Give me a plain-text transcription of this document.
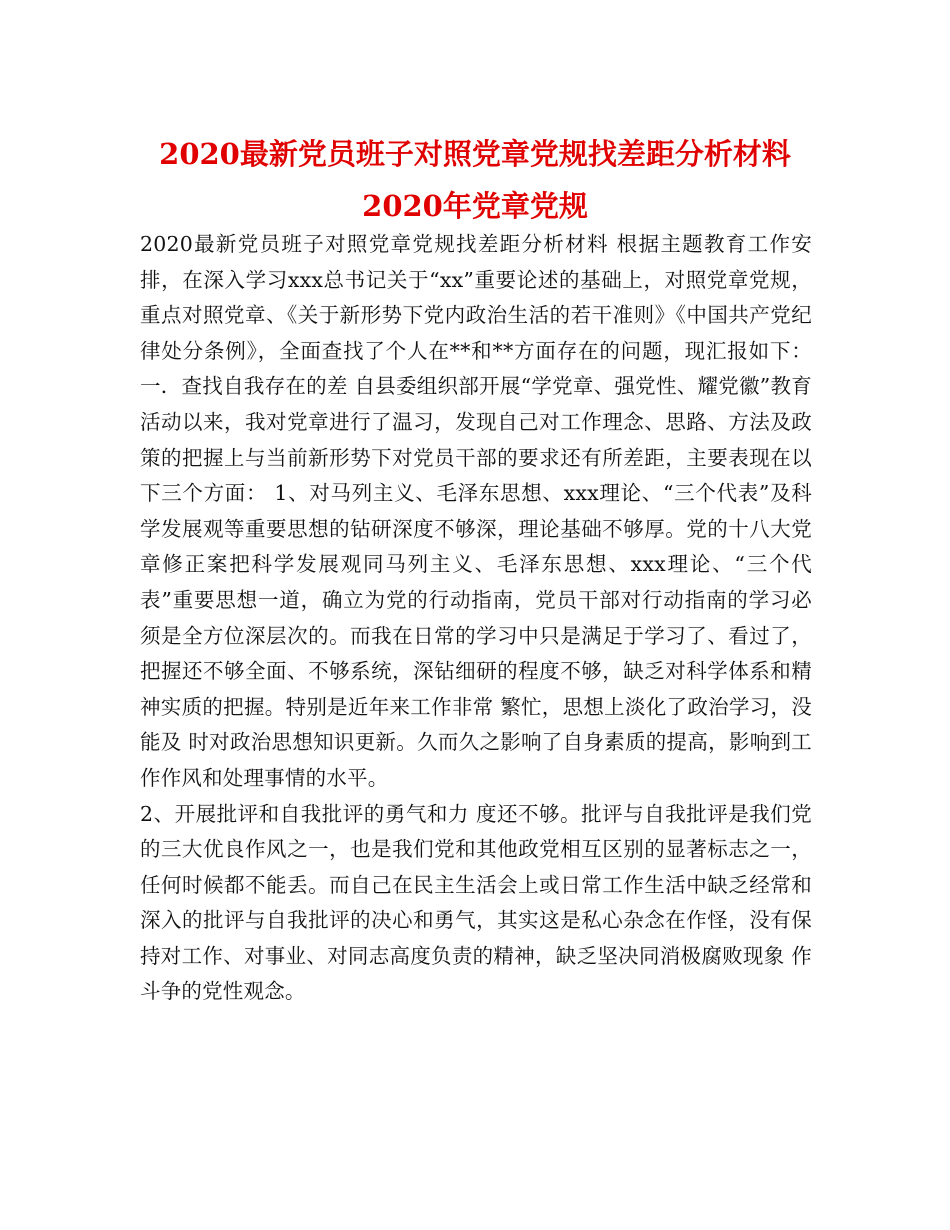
2020最新党员班子对照党章党规找差距分析材料 2020年党章党规

2020最新党员班子对照党章党规找差距分析材料 根据主题教育工作安排，在深入学习xxx总书记关于“xx”重要论述的基础上，对照党章党规，重点对照党章、《关于新形势下党内政治生活的若干准则》《中国共产党纪律处分条例》，全面查找了个人在**和**方面存在的问题，现汇报如下： 一．查找自我存在的差 自县委组织部开展“学党章、强党性、耀党徽”教育活动以来，我对党章进行了温习，发现自己对工作理念、思路、方法及政策的把握上与当前新形势下对党员干部的要求还有所差距，主要表现在以下三个方面： 1、对马列主义、毛泽东思想、xxx理论、“三个代表”及科学发展观等重要思想的钻研深度不够深，理论基础不够厚。党的十八大党章修正案把科学发展观同马列主义、毛泽东思想、xxx理论、“三个代表”重要思想一道，确立为党的行动指南，党员干部对行动指南的学习必须是全方位深层次的。而我在日常的学习中只是满足于学习了、看过了，把握还不够全面、不够系统，深钻细研的程度不够，缺乏对科学体系和精 神实质的把握。特别是近年来工作非常 繁忙，思想上淡化了政治学习，没能及 时对政治思想知识更新。久而久之影响了自身素质的提高，影响到工作作风和处理事情的水平。

2、开展批评和自我批评的勇气和力 度还不够。批评与自我批评是我们党的三大优良作风之一，也是我们党和其他政党相互区别的显著标志之一，任何时候都不能丢。而自己在民主生活会上或日常工作生活中缺乏经常和深入的批评与自我批评的决心和勇气，其实这是私心杂念在作怪，没有保持对工作、对事业、对同志高度负责的精神，缺乏坚决同消极腐败现象 作斗争的党性观念。
